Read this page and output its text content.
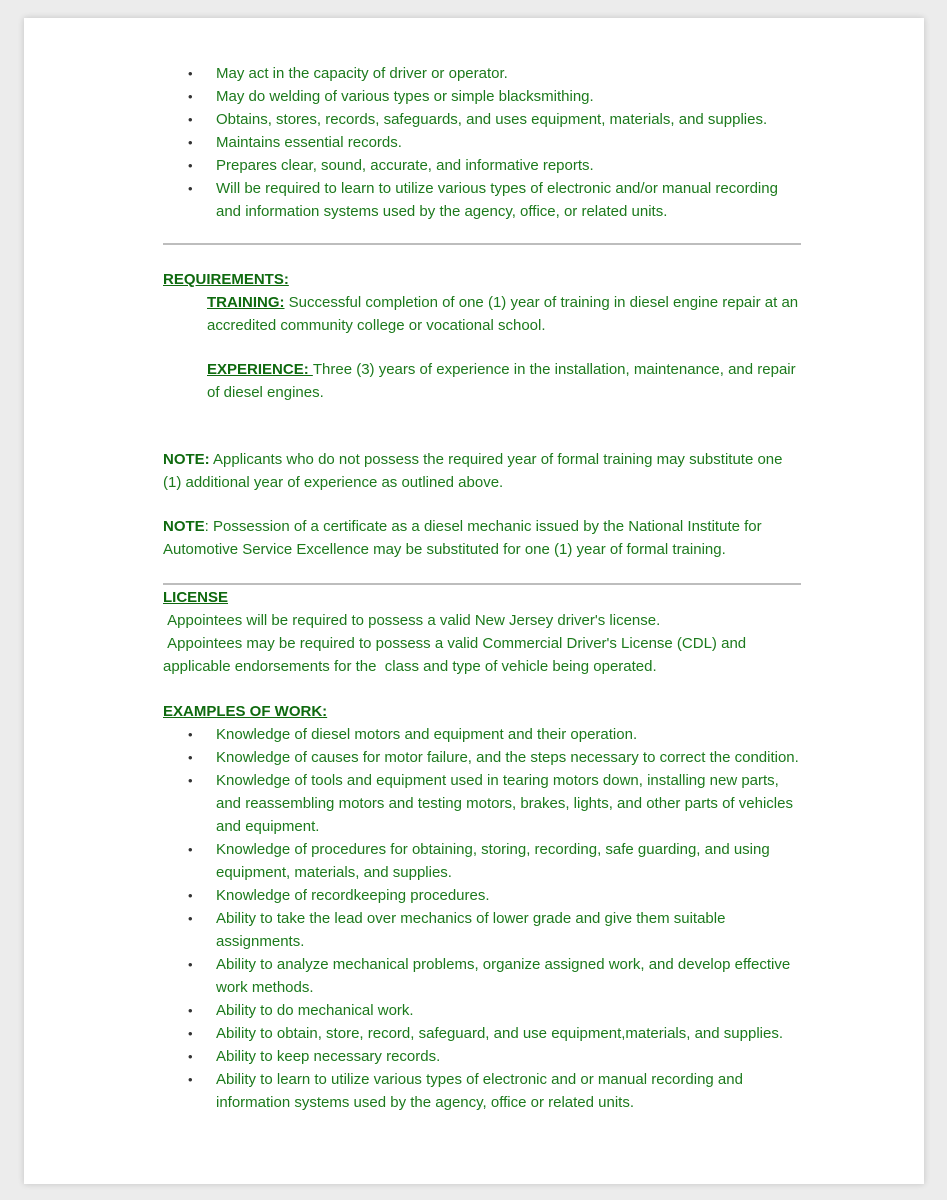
• May act in the capacity of driver or operator.
• May do welding of various types or simple blacksmithing.
• Obtains, stores, records, safeguards, and uses equipment, materials, and supplies.
• Maintains essential records.
• Prepares clear, sound, accurate, and informative reports.
• Will be required to learn to utilize various types of electronic and/or manual recording and information systems used by the agency, office, or related units.
REQUIREMENTS:
TRAINING: Successful completion of one (1) year of training in diesel engine repair at an accredited community college or vocational school.
EXPERIENCE: Three (3) years of experience in the installation, maintenance, and repair of diesel engines.
NOTE: Applicants who do not possess the required year of formal training may substitute one (1) additional year of experience as outlined above.
NOTE: Possession of a certificate as a diesel mechanic issued by the National Institute for Automotive Service Excellence may be substituted for one (1) year of formal training.
LICENSE
Appointees will be required to possess a valid New Jersey driver's license.
Appointees may be required to possess a valid Commercial Driver's License (CDL) and applicable endorsements for the  class and type of vehicle being operated.
EXAMPLES OF WORK:
• Knowledge of diesel motors and equipment and their operation.
• Knowledge of causes for motor failure, and the steps necessary to correct the condition.
• Knowledge of tools and equipment used in tearing motors down, installing new parts, and reassembling motors and testing motors, brakes, lights, and other parts of vehicles and equipment.
• Knowledge of procedures for obtaining, storing, recording, safe guarding, and using equipment, materials, and supplies.
• Knowledge of recordkeeping procedures.
• Ability to take the lead over mechanics of lower grade and give them suitable assignments.
• Ability to analyze mechanical problems, organize assigned work, and develop effective work methods.
• Ability to do mechanical work.
• Ability to obtain, store, record, safeguard, and use equipment,materials, and supplies.
• Ability to keep necessary records.
• Ability to learn to utilize various types of electronic and or manual recording and information systems used by the agency, office or related units.
